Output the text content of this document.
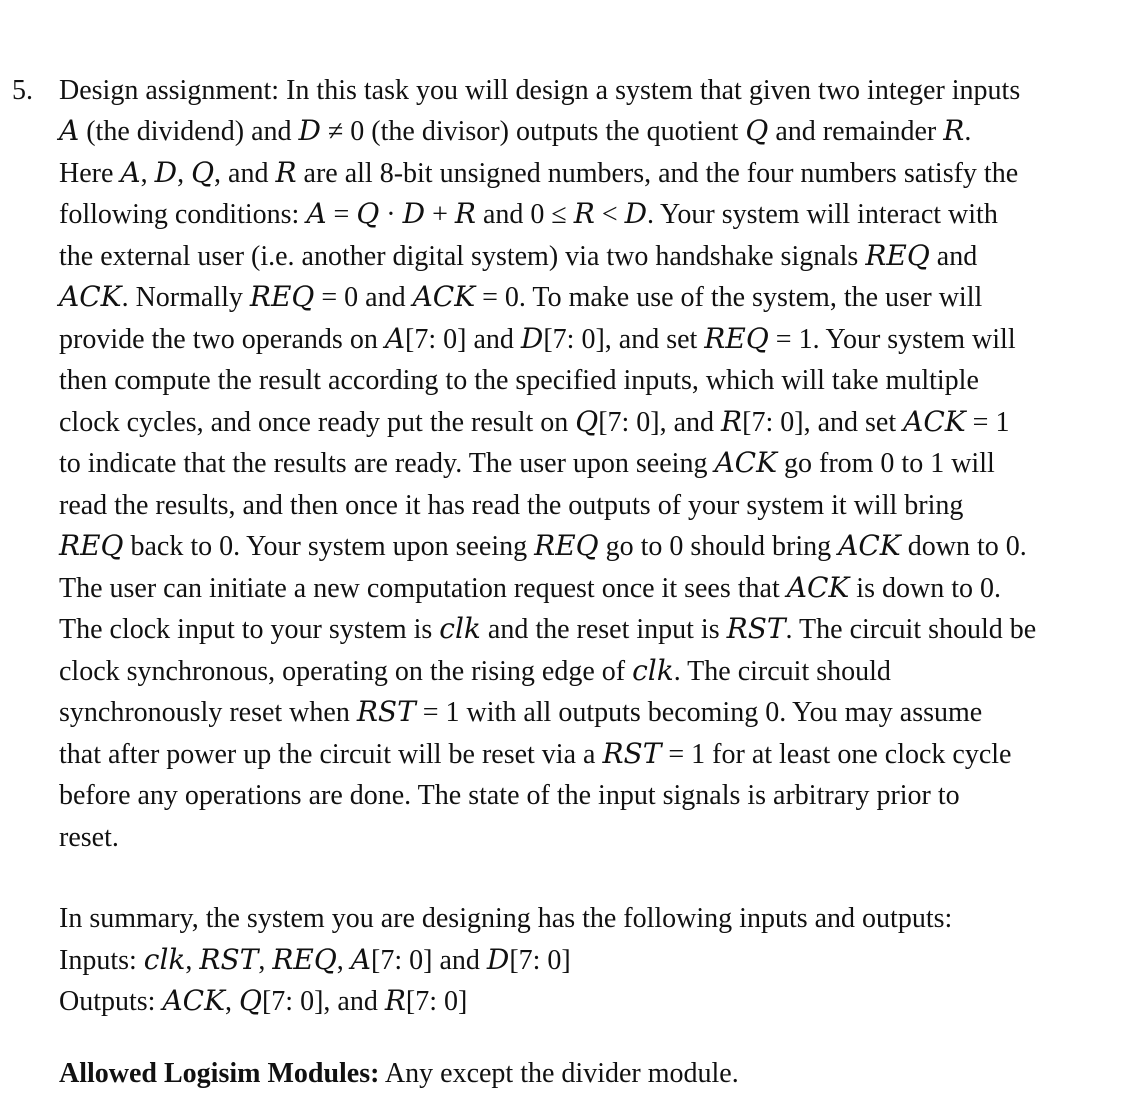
5. Design assignment: In this task you will design a system that given two integer inputs
𝐴 (the dividend) and 𝐷 ≠ 0 (the divisor) outputs the quotient 𝑄 and remainder 𝑅.
Here 𝐴, 𝐷, 𝑄, and 𝑅 are all 8-bit unsigned numbers, and the four numbers satisfy the
following conditions: 𝐴 = 𝑄 · 𝐷 + 𝑅 and 0 ≤ 𝑅 < 𝐷. Your system will interact with
the external user (i.e. another digital system) via two handshake signals 𝑅𝐸𝑄 and
𝐴𝐶𝐾. Normally 𝑅𝐸𝑄 = 0 and 𝐴𝐶𝐾 = 0. To make use of the system, the user will
provide the two operands on 𝐴[7: 0] and 𝐷[7: 0], and set 𝑅𝐸𝑄 = 1. Your system will
then compute the result according to the specified inputs, which will take multiple
clock cycles, and once ready put the result on 𝑄[7: 0], and 𝑅[7: 0], and set 𝐴𝐶𝐾 = 1
to indicate that the results are ready. The user upon seeing 𝐴𝐶𝐾 go from 0 to 1 will
read the results, and then once it has read the outputs of your system it will bring
𝑅𝐸𝑄 back to 0. Your system upon seeing 𝑅𝐸𝑄 go to 0 should bring 𝐴𝐶𝐾 down to 0.
The user can initiate a new computation request once it sees that 𝐴𝐶𝐾 is down to 0.
The clock input to your system is 𝑐𝑙𝑘 and the reset input is 𝑅𝑆𝑇. The circuit should be
clock synchronous, operating on the rising edge of 𝑐𝑙𝑘. The circuit should
synchronously reset when 𝑅𝑆𝑇 = 1 with all outputs becoming 0. You may assume
that after power up the circuit will be reset via a 𝑅𝑆𝑇 = 1 for at least one clock cycle
before any operations are done. The state of the input signals is arbitrary prior to
reset.
In summary, the system you are designing has the following inputs and outputs:
Inputs: 𝑐𝑙𝑘, 𝑅𝑆𝑇, 𝑅𝐸𝑄, 𝐴[7: 0] and 𝐷[7: 0]
Outputs: 𝐴𝐶𝐾, 𝑄[7: 0], and 𝑅[7: 0]
Allowed Logisim Modules: Any except the divider module.
